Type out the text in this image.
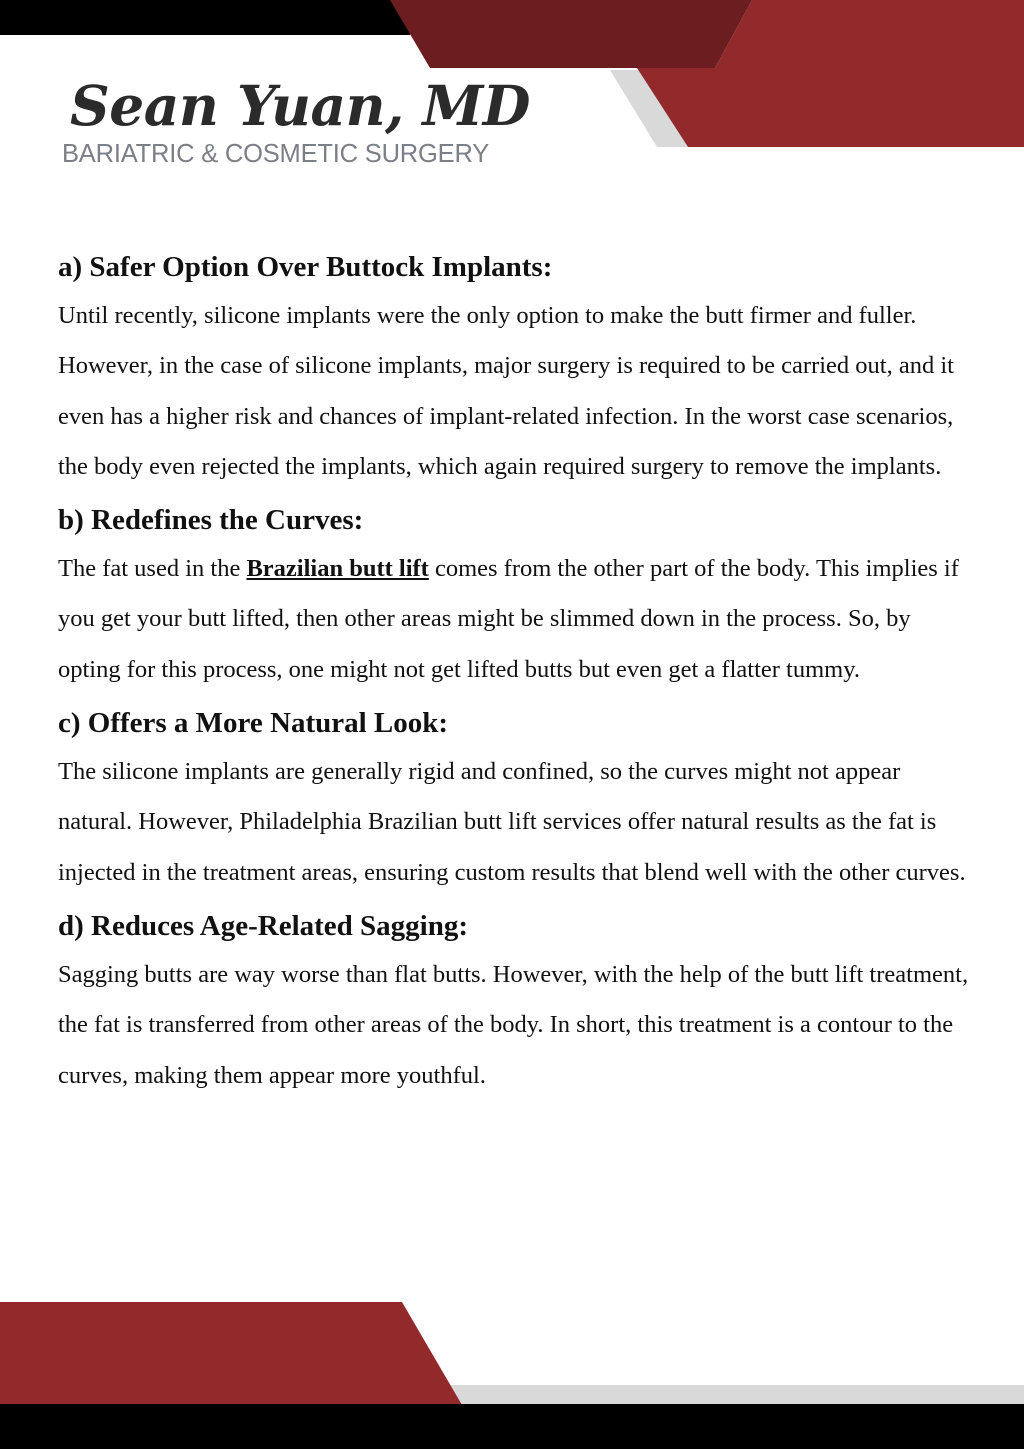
Sean Yuan, MD
BARIATRIC & COSMETIC SURGERY
a) Safer Option Over Buttock Implants:

Until recently, silicone implants were the only option to make the butt firmer and fuller. However, in the case of silicone implants, major surgery is required to be carried out, and it even has a higher risk and chances of implant-related infection. In the worst case scenarios, the body even rejected the implants, which again required surgery to remove the implants.

b) Redefines the Curves:

The fat used in the Brazilian butt lift comes from the other part of the body. This implies if you get your butt lifted, then other areas might be slimmed down in the process. So, by opting for this process, one might not get lifted butts but even get a flatter tummy.

c) Offers a More Natural Look:

The silicone implants are generally rigid and confined, so the curves might not appear natural. However, Philadelphia Brazilian butt lift services offer natural results as the fat is injected in the treatment areas, ensuring custom results that blend well with the other curves.

d) Reduces Age-Related Sagging:

Sagging butts are way worse than flat butts. However, with the help of the butt lift treatment, the fat is transferred from other areas of the body. In short, this treatment is a contour to the curves, making them appear more youthful.
